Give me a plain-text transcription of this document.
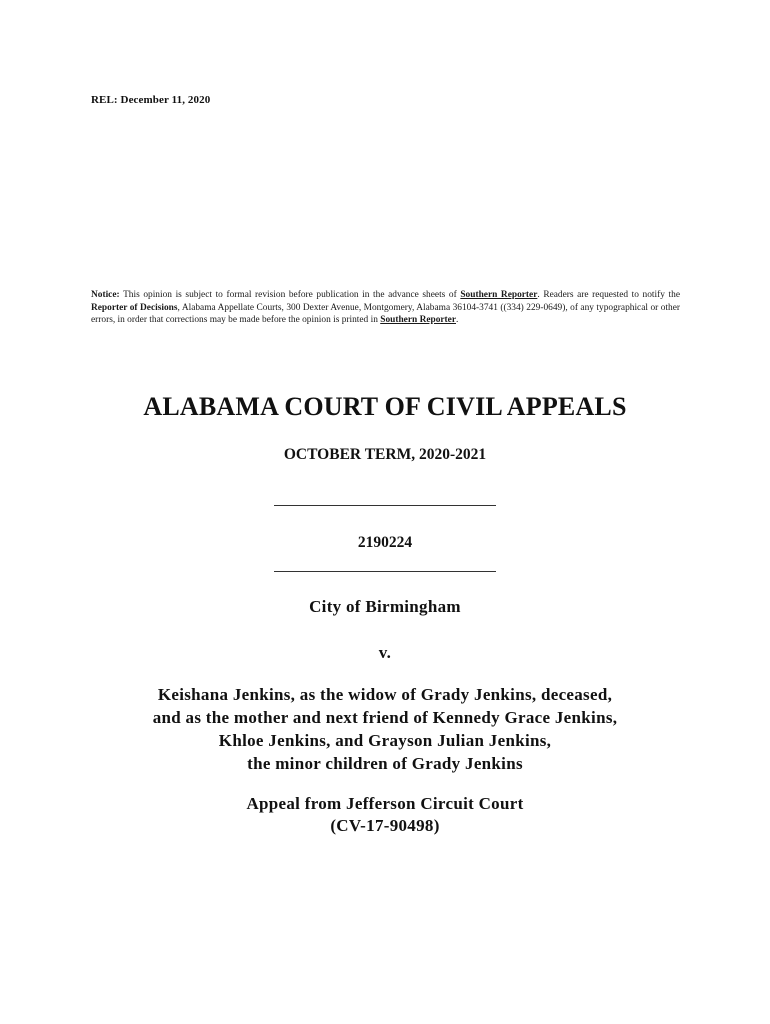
REL: December 11, 2020
Notice: This opinion is subject to formal revision before publication in the advance sheets of Southern Reporter. Readers are requested to notify the Reporter of Decisions, Alabama Appellate Courts, 300 Dexter Avenue, Montgomery, Alabama 36104-3741 ((334) 229-0649), of any typographical or other errors, in order that corrections may be made before the opinion is printed in Southern Reporter.
ALABAMA COURT OF CIVIL APPEALS
OCTOBER TERM, 2020-2021
2190224
City of Birmingham
v.
Keishana Jenkins, as the widow of Grady Jenkins, deceased,
and as the mother and next friend of Kennedy Grace Jenkins,
Khloe Jenkins, and Grayson Julian Jenkins,
the minor children of Grady Jenkins
Appeal from Jefferson Circuit Court
(CV-17-90498)
